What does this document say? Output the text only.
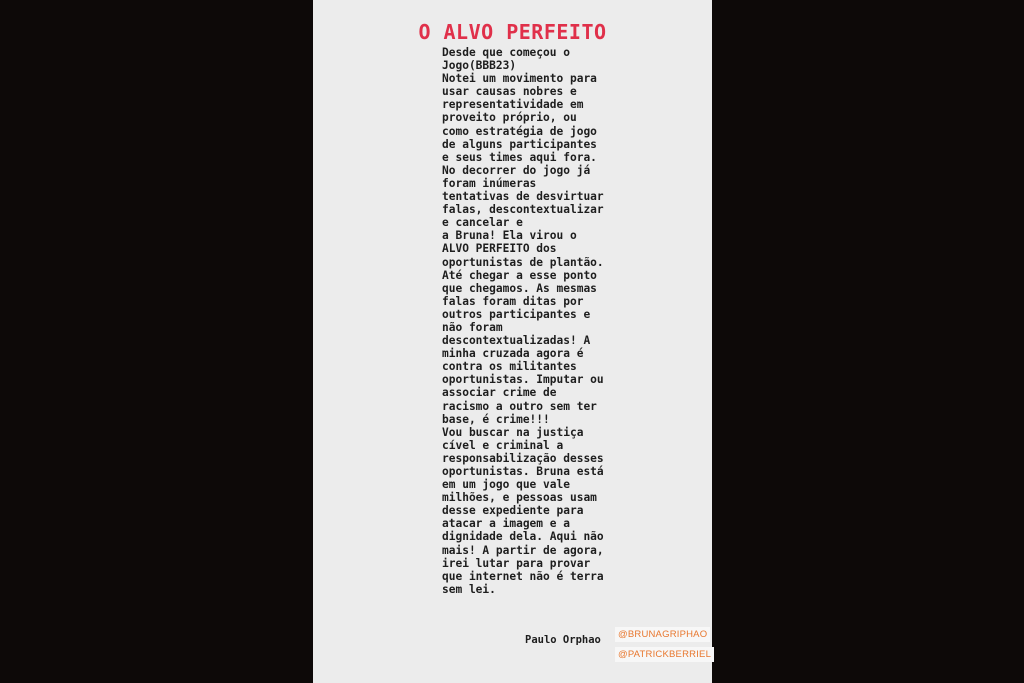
O ALVO PERFEITO
Desde que começou o
Jogo(BBB23)
Notei um movimento para
usar causas nobres e
representatividade em
proveito próprio, ou
como estratégia de jogo
de alguns participantes
e seus times aqui fora.
No decorrer do jogo já
foram inúmeras
tentativas de desvirtuar
falas, descontextualizar
e cancelar e
a Bruna! Ela virou o
ALVO PERFEITO dos
oportunistas de plantão.
Até chegar a esse ponto
que chegamos. As mesmas
falas foram ditas por
outros participantes e
não foram
descontextualizadas! A
minha cruzada agora é
contra os militantes
oportunistas. Imputar ou
associar crime de
racismo a outro sem ter
base, é crime!!!
Vou buscar na justiça
cível e criminal a
responsabilização desses
oportunistas. Bruna está
em um jogo que vale
milhões, e pessoas usam
desse expediente para
atacar a imagem e a
dignidade dela. Aqui não
mais! A partir de agora,
irei lutar para provar
que internet não é terra
sem lei.
Paulo Orphao	@BRUNAGRIPHAO
@PATRICKBERRIEL
